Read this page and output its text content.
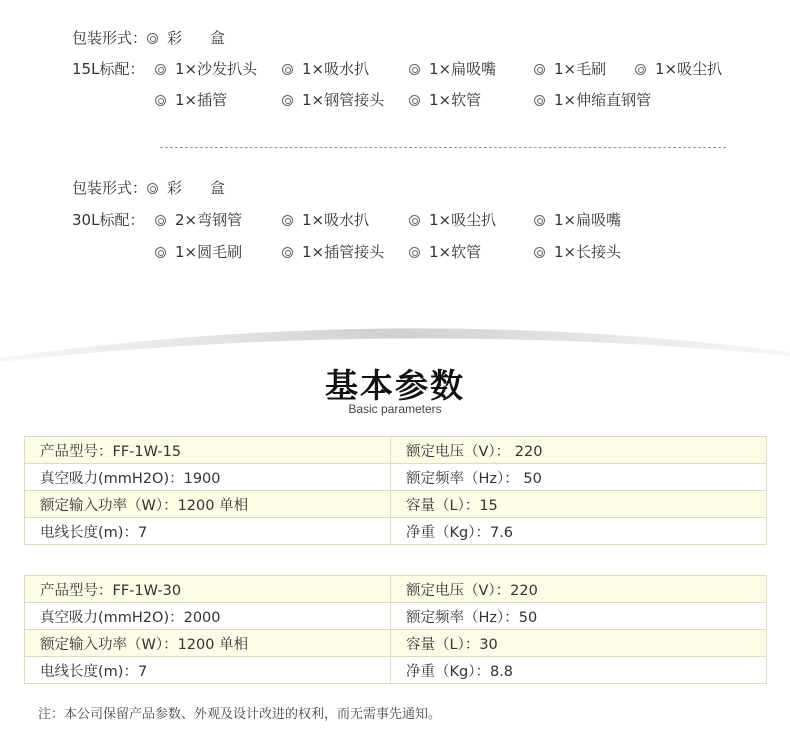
包装形式： 彩盒
15L标配：	1×沙发扒头	1×吸水扒	1×扁吸嘴	1×毛刷	1×吸尘扒
1×插管	1×钢管接头	1×软管	1×伸缩直钢管
包装形式： 彩盒
30L标配：	2×弯钢管	1×吸水扒	1×吸尘扒	1×扁吸嘴
1×圆毛刷	1×插管接头	1×软管	1×长接头
基本参数
Basic parameters
产品型号：FF-1W-15	额定电压（V）： 220
真空吸力(mmH2O)：1900	额定频率（Hz）： 50
额定输入功率（W）：1200 单相	容量（L）：15
电线长度(m)：7	净重（Kg）：7.6
产品型号：FF-1W-30	额定电压（V）：220
真空吸力(mmH2O)：2000	额定频率（Hz）：50
额定输入功率（W）：1200 单相	容量（L）：30
电线长度(m)：7	净重（Kg）：8.8
注：本公司保留产品参数、外观及设计改进的权利，而无需事先通知。
